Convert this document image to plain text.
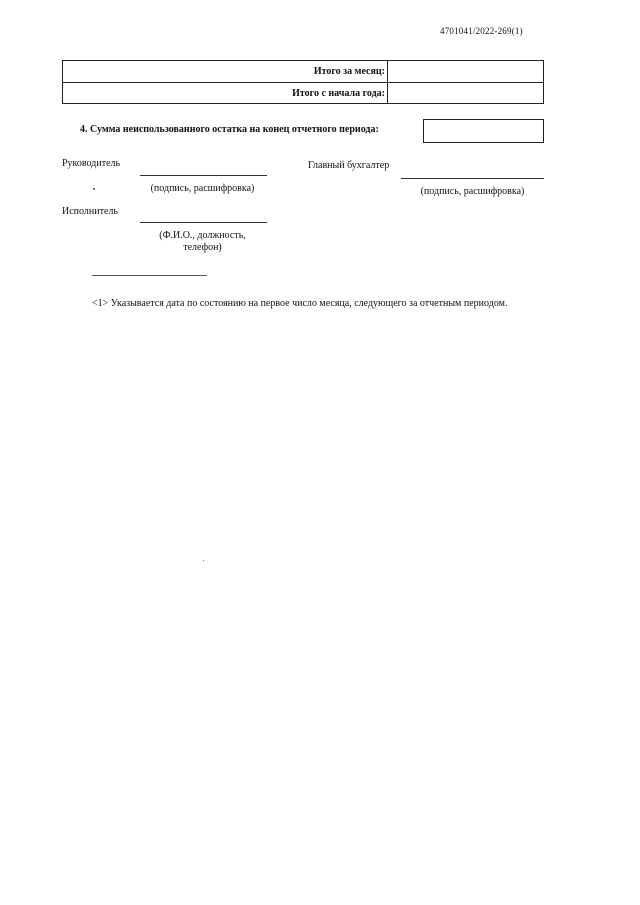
4701041/2022-269(1)
Итого за месяц:
Итого с начала года:
4. Сумма неиспользованного остатка на конец отчетного периода:
Руководитель
(подпись, расшифровка)
Главный бухгалтер
(подпись, расшифровка)
Исполнитель
(Ф.И.О., должность,
телефон)
<1> Указывается дата по состоянию на первое число месяца, следующего за отчетным периодом.
